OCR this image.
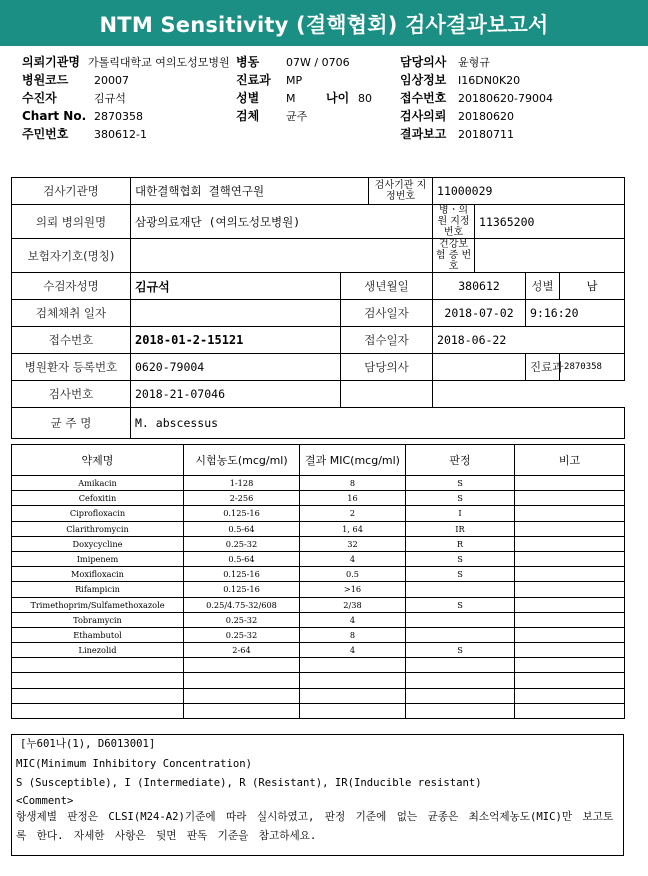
NTM Sensitivity (결핵협회) 검사결과보고서
의뢰기관명 가톨릭대학교 여의도성모병원
병원코드 20007
수진자	김규석
Chart No. 2870358
주민번호 380612-1
병동 07W / 0706
진료과 MP
성별 M	나이 80
검체 균주
담당의사 윤형규
임상정보 I16DN0K20
접수번호 20180620-79004
검사의뢰 20180620
결과보고 20180711
검사기관명	대한결핵협회 결핵연구원		검사기관 지정번호	11000029			
의뢰 병의원명	삼광의료재단 (여의도성모병원)			병ㆍ의원 지정번호	11365200		
보험자기호(명칭)				건강보험 증 번 호			
수검자성명	김규석	생년월일		380612		성별	남
검체채취 일자		검사일자		2018-07-02		9:16:20	
접수번호	2018-01-2-15121	접수일자		2018-06-22			
병원환자 등록번호	0620-79004	담당의사				진료과	2870358
검사번호	2018-21-07046						
균 주 명	M. abscessus						
약제명	시험농도(mcg/ml)	결과 MIC(mcg/ml)	판정	비고
Amikacin	1-128	8	S	
Cefoxitin	2-256	16	S	
Ciprofloxacin	0.125-16	2	I	
Clarithromycin	0.5-64	1, 64	IR	
Doxycycline	0.25-32	32	R	
Imipenem	0.5-64	4	S	
Moxifloxacin	0.125-16	0.5	S	
Rifampicin	0.125-16	>16		
Trimethoprim/Sulfamethoxazole	0.25/4.75-32/608	2/38	S	
Tobramycin	0.25-32	4		
Ethambutol	0.25-32	8		
Linezolid	2-64	4	S	

[누601나(1), D6013001]
MIC(Minimum Inhibitory Concentration)
S (Susceptible), I (Intermediate), R (Resistant), IR(Inducible resistant)
<Comment>
항생제별 판정은 CLSI(M24-A2)기준에 따라 실시하였고, 판정 기준에 없는 균종은 최소억제농도(MIC)만 보고토록 한다. 자세한 사항은 뒷면 판독 기준을 참고하세요.
